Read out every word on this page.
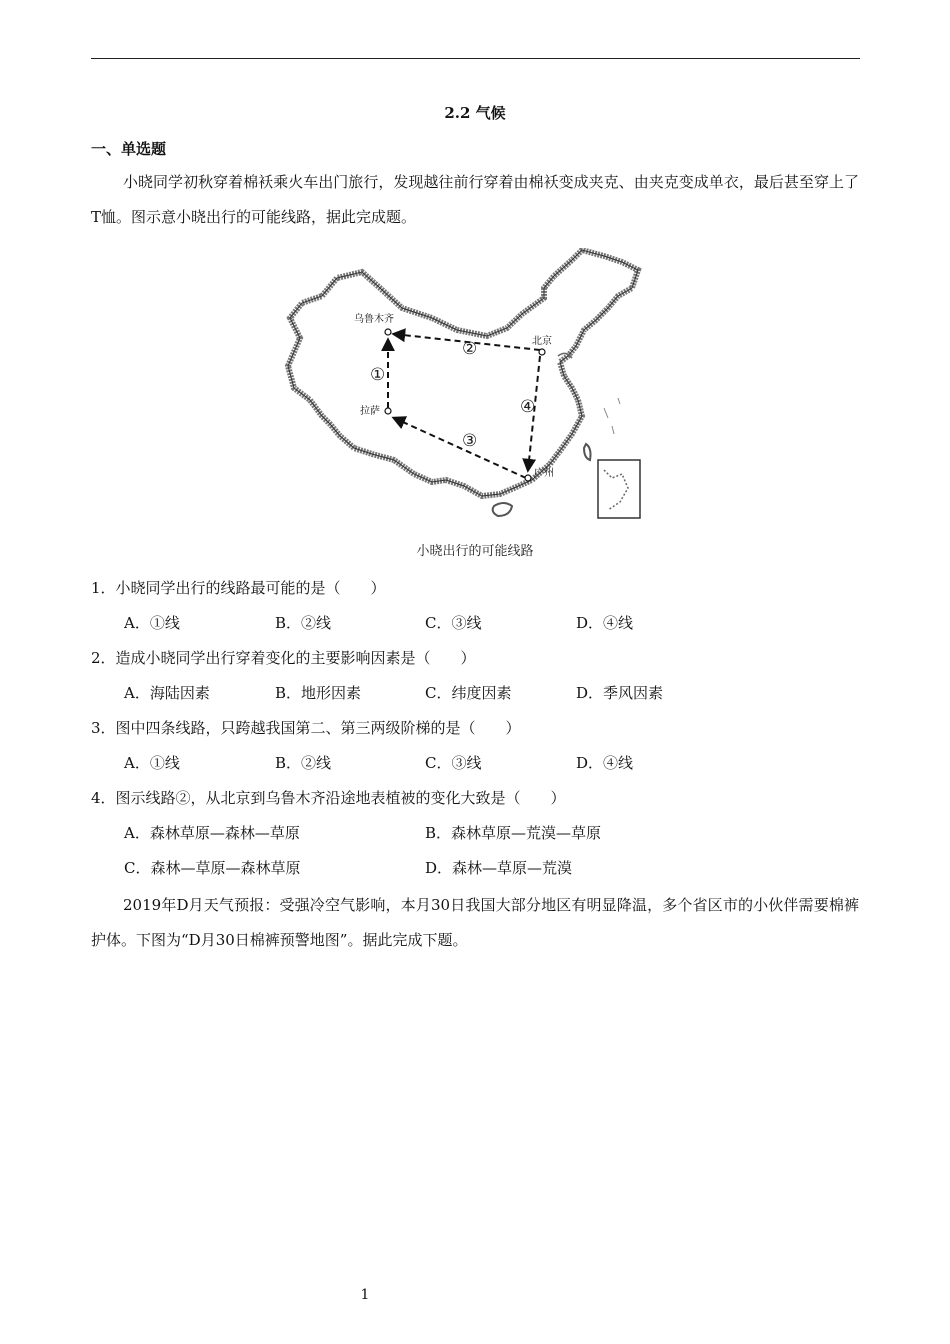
2.2 气候
一、单选题
小晓同学初秋穿着棉袄乘火车出门旅行，发现越往前行穿着由棉袄变成夹克、由夹克变成单衣，最后甚至穿上了T恤。图示意小晓出行的可能线路，据此完成题。
乌鲁木齐
北京
拉萨
广州
①
②
③
④
小晓出行的可能线路
1．小晓同学出行的线路最可能的是（　　）
A．①线	B．②线	C．③线	D．④线
2．造成小晓同学出行穿着变化的主要影响因素是（　　）
A．海陆因素	B．地形因素	C．纬度因素	D．季风因素
3．图中四条线路，只跨越我国第二、第三两级阶梯的是（　　）
A．①线	B．②线	C．③线	D．④线
4．图示线路②，从北京到乌鲁木齐沿途地表植被的变化大致是（　　）
A．森林草原—森林—草原	B．森林草原—荒漠—草原
C．森林—草原—森林草原	D．森林—草原—荒漠
2019年D月天气预报：受强冷空气影响，本月30日我国大部分地区有明显降温，多个省区市的小伙伴需要棉裤护体。下图为“D月30日棉裤预警地图”。据此完成下题。
1
